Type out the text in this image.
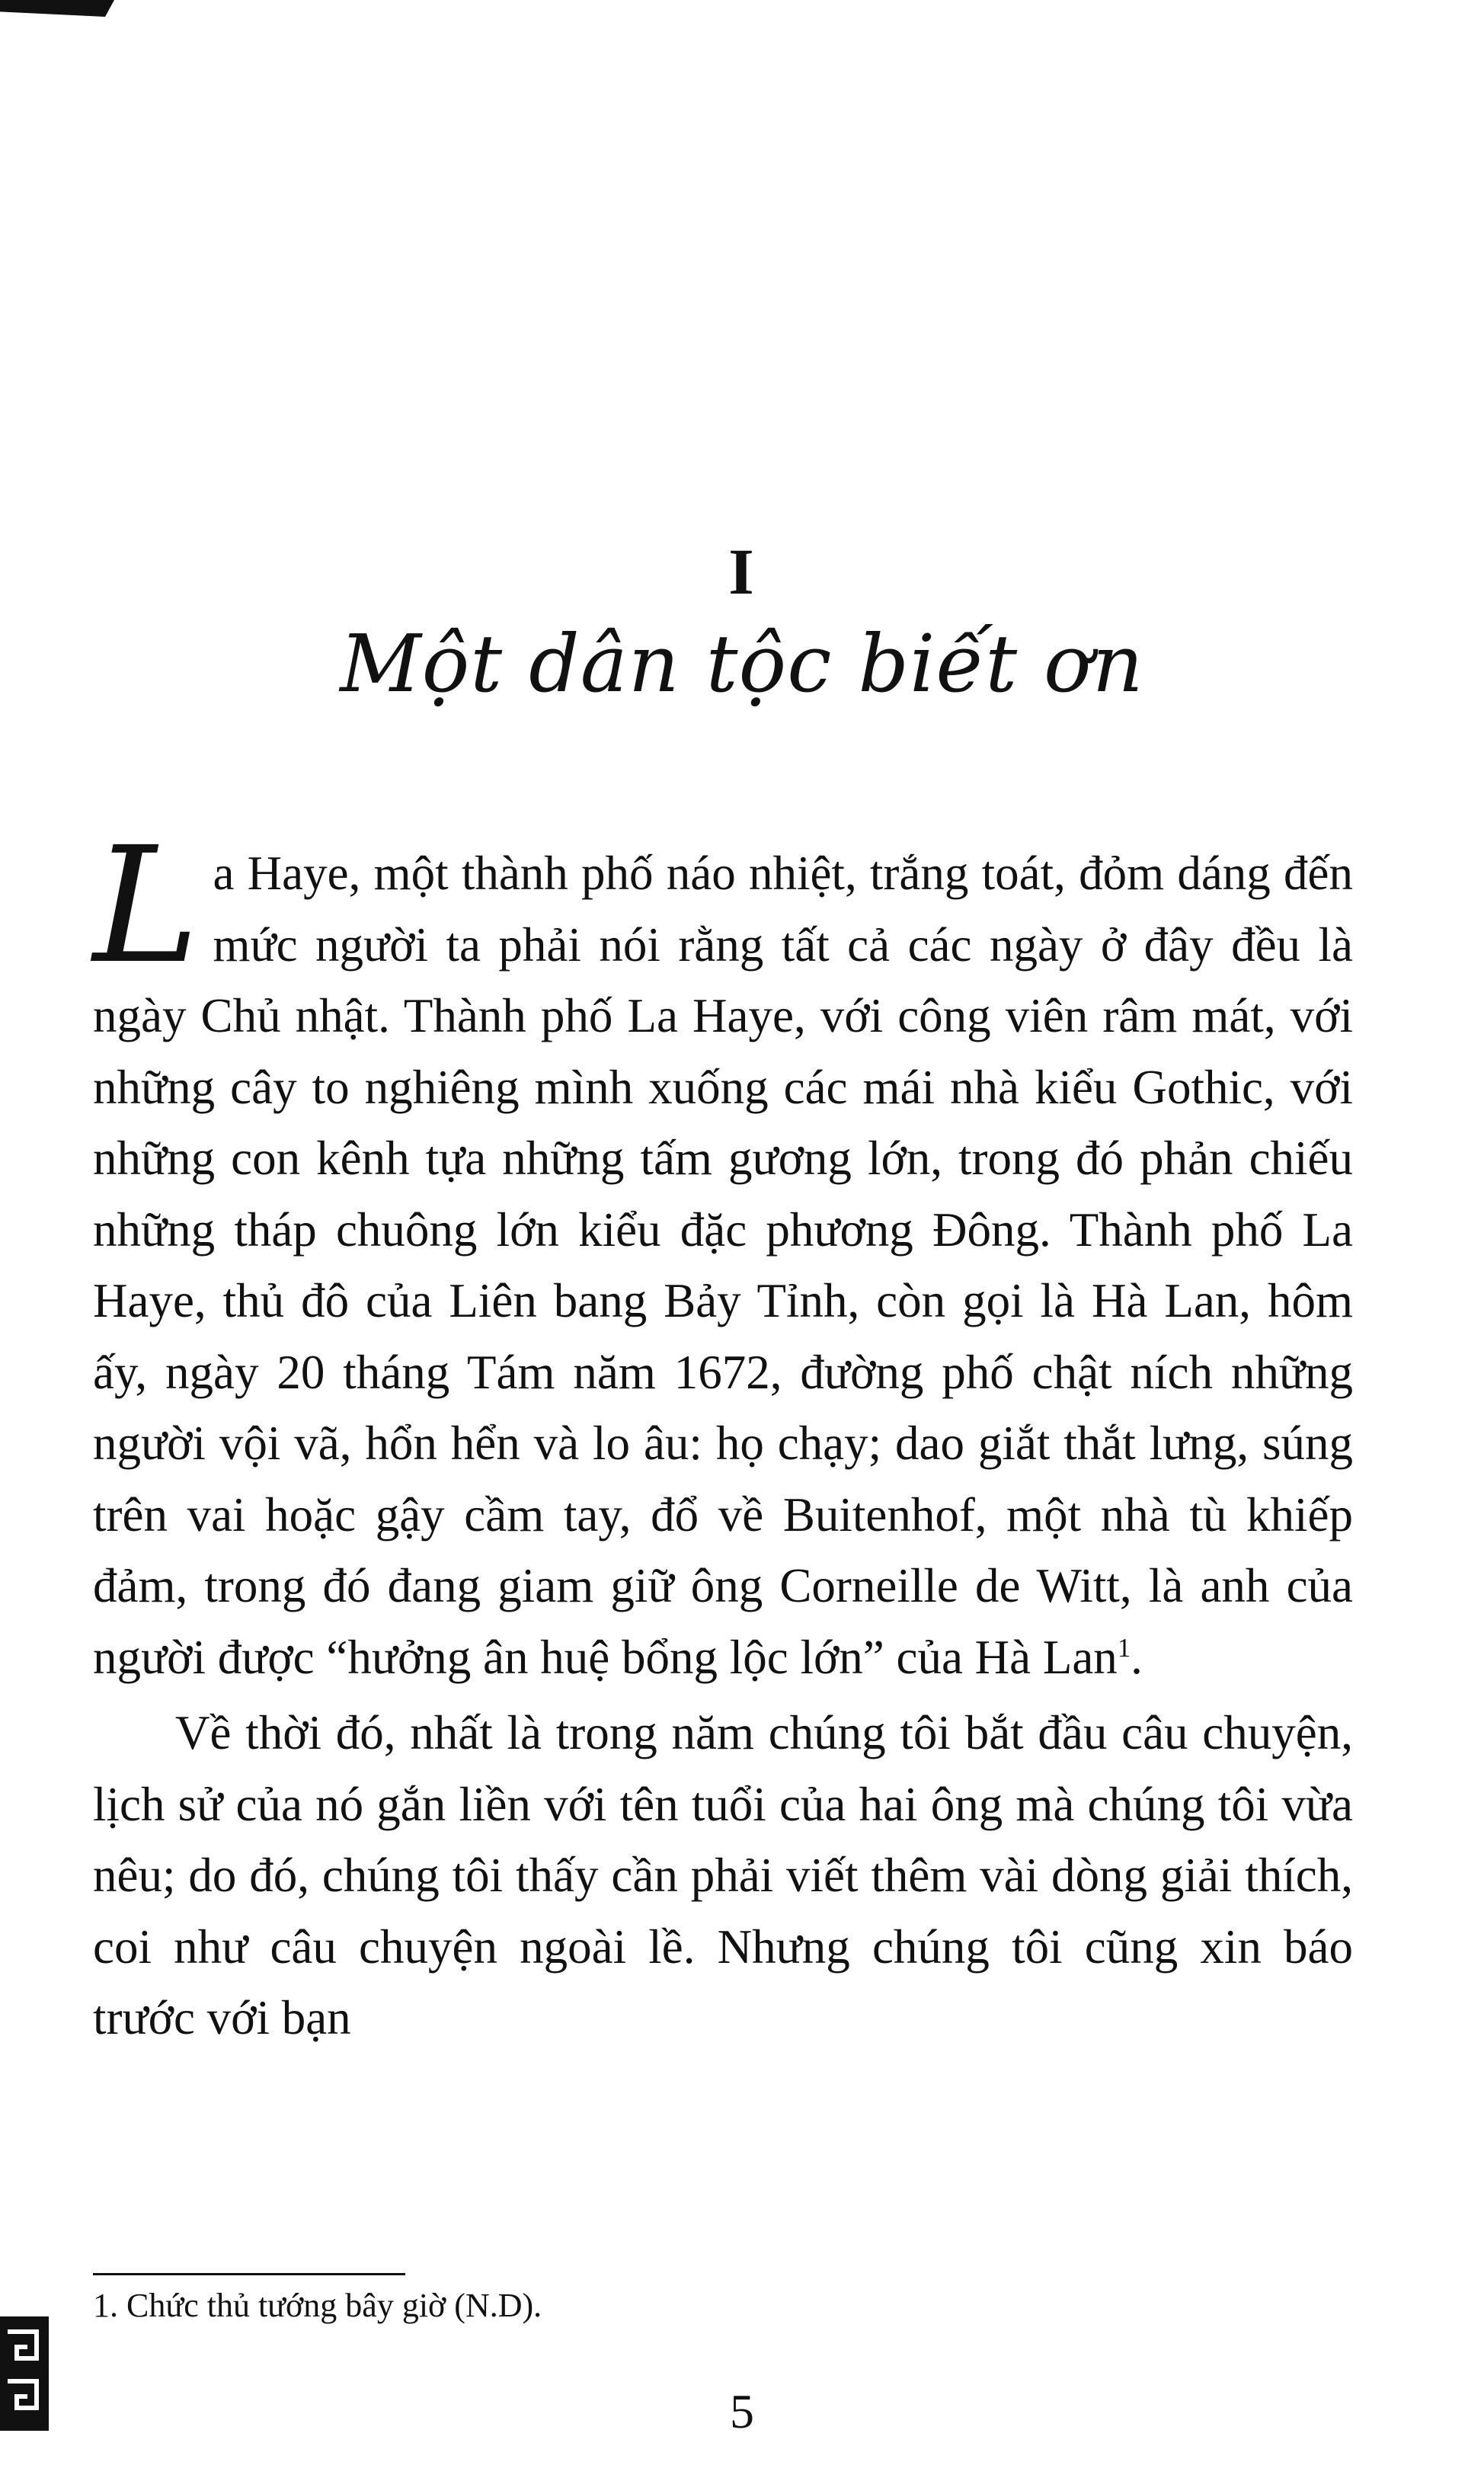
I
Một dân tộc biết ơn

La Haye, một thành phố náo nhiệt, trắng toát, đỏm dáng đến mức người ta phải nói rằng tất cả các ngày ở đây đều là ngày Chủ nhật. Thành phố La Haye, với công viên râm mát, với những cây to nghiêng mình xuống các mái nhà kiểu Gothic, với những con kênh tựa những tấm gương lớn, trong đó phản chiếu những tháp chuông lớn kiểu đặc phương Đông. Thành phố La Haye, thủ đô của Liên bang Bảy Tỉnh, còn gọi là Hà Lan, hôm ấy, ngày 20 tháng Tám năm 1672, đường phố chật ních những người vội vã, hổn hển và lo âu: họ chạy; dao giắt thắt lưng, súng trên vai hoặc gậy cầm tay, đổ về Buitenhof, một nhà tù khiếp đảm, trong đó đang giam giữ ông Corneille de Witt, là anh của người được “hưởng ân huệ bổng lộc lớn” của Hà Lan$^1$.

Về thời đó, nhất là trong năm chúng tôi bắt đầu câu chuyện, lịch sử của nó gắn liền với tên tuổi của hai ông mà chúng tôi vừa nêu; do đó, chúng tôi thấy cần phải viết thêm vài dòng giải thích, coi như câu chuyện ngoài lề. Nhưng chúng tôi cũng xin báo trước với bạn

1. Chức thủ tướng bây giờ (N.D).
5
